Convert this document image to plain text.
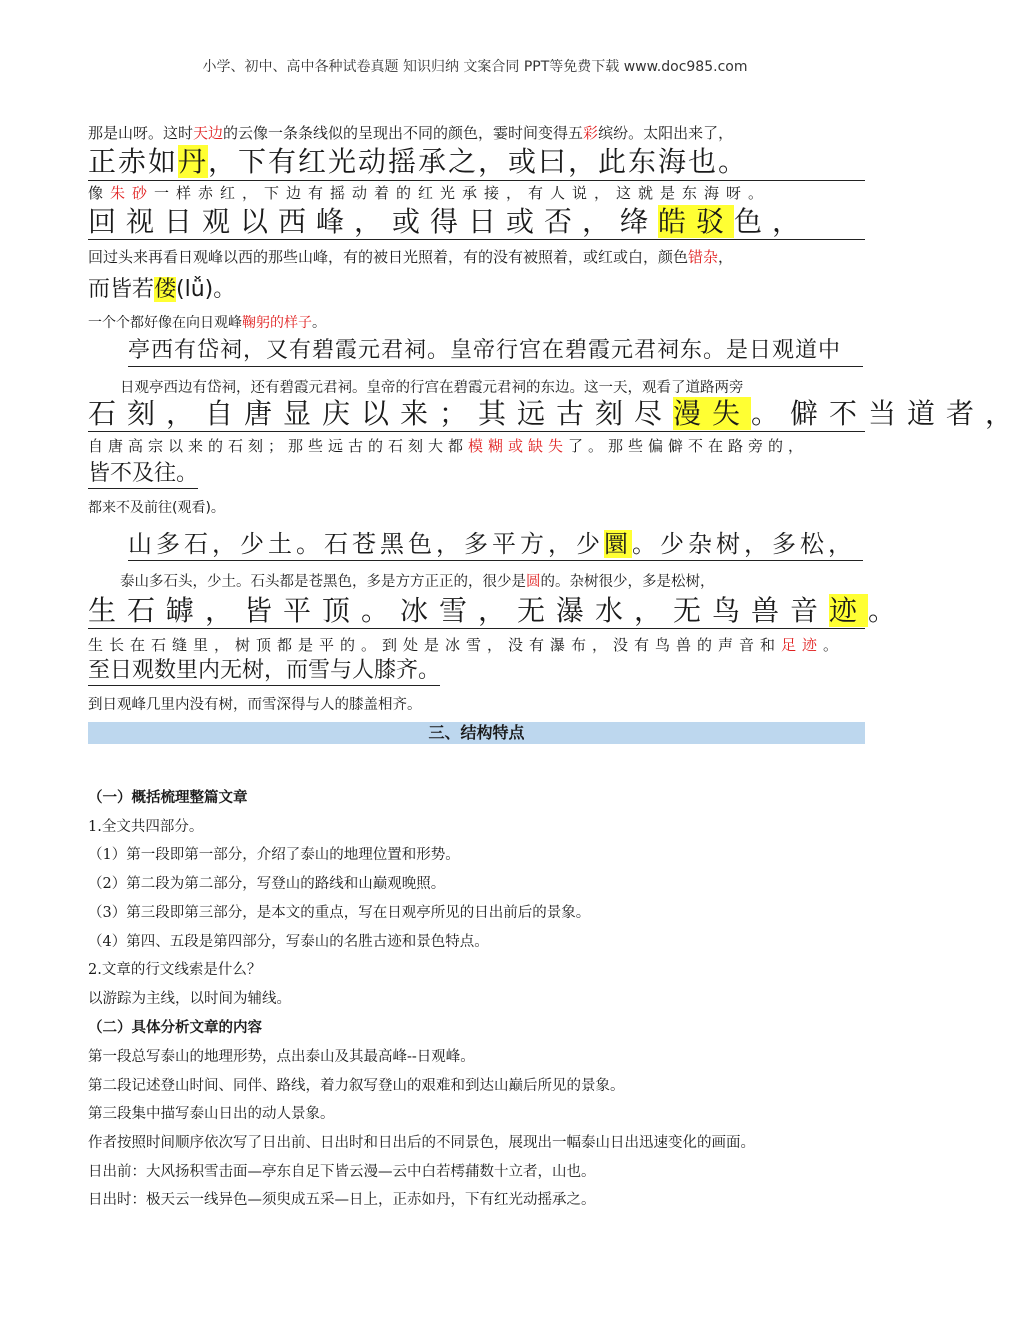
小学、初中、高中各种试卷真题 知识归纳 文案合同 PPT等免费下载 www.doc985.com
那是山呀。这时天边的云像一条条线似的呈现出不同的颜色，霎时间变得五彩缤纷。太阳出来了，
正赤如丹，下有红光动摇承之，或曰，此东海也。
像朱砂一样赤红，下边有摇动着的红光承接，有人说，这就是东海呀。
回视日观以西峰，或得日或否，绛皓驳色，
回过头来再看日观峰以西的那些山峰，有的被日光照着，有的没有被照着，或红或白，颜色错杂，
而皆若偻(lǚ)。
一个个都好像在向日观峰鞠躬的样子。
亭西有岱祠，又有碧霞元君祠。皇帝行宫在碧霞元君祠东。是日观道中
日观亭西边有岱祠，还有碧霞元君祠。皇帝的行宫在碧霞元君祠的东边。这一天，观看了道路两旁
石刻，自唐显庆以来；其远古刻尽漫失。僻不当道者，
自唐高宗以来的石刻；那些远古的石刻大都模糊或缺失了。那些偏僻不在路旁的，
皆不及往。
都来不及前往(观看)。
山多石，少土。石苍黑色，多平方，少圜。少杂树，多松，
泰山多石头，少土。石头都是苍黑色，多是方方正正的，很少是圆的。杂树很少，多是松树，
生石罅，皆平顶。冰雪，无瀑水，无鸟兽音迹。
生长在石缝里，树顶都是平的。到处是冰雪，没有瀑布，没有鸟兽的声音和足迹。
至日观数里内无树，而雪与人膝齐。
到日观峰几里内没有树，而雪深得与人的膝盖相齐。
三、结构特点
（一）概括梳理整篇文章
1.全文共四部分。
（1）第一段即第一部分，介绍了泰山的地理位置和形势。
（2）第二段为第二部分，写登山的路线和山巅观晚照。
（3）第三段即第三部分，是本文的重点，写在日观亭所见的日出前后的景象。
（4）第四、五段是第四部分，写泰山的名胜古迹和景色特点。
2.文章的行文线索是什么？
以游踪为主线，以时间为辅线。
（二）具体分析文章的内容
第一段总写泰山的地理形势，点出泰山及其最高峰--日观峰。
第二段记述登山时间、同伴、路线，着力叙写登山的艰难和到达山巅后所见的景象。
第三段集中描写泰山日出的动人景象。
作者按照时间顺序依次写了日出前、日出时和日出后的不同景色，展现出一幅泰山日出迅速变化的画面。
日出前：大风扬积雪击面—亭东自足下皆云漫—云中白若樗蒱数十立者，山也。
日出时：极天云一线异色—须臾成五采—日上，正赤如丹，下有红光动摇承之。
